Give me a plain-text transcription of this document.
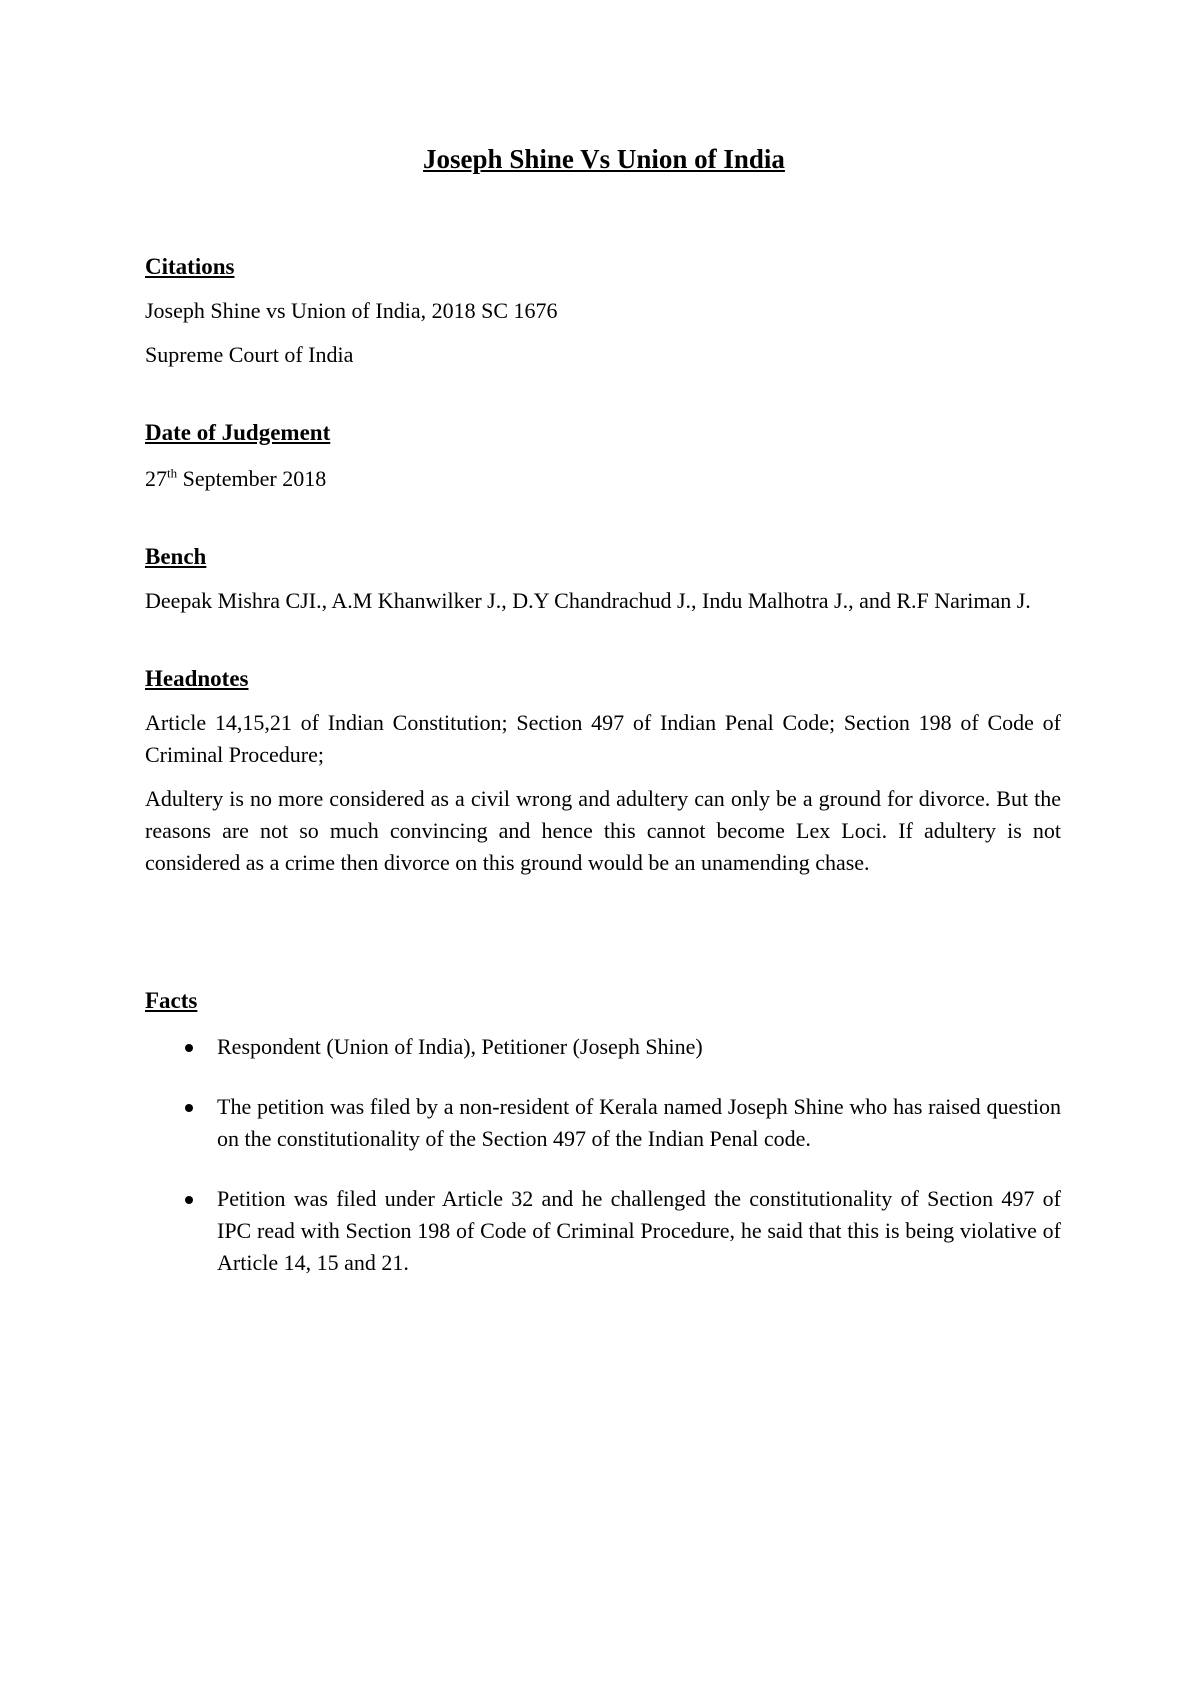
Joseph Shine Vs Union of India
Citations

Joseph Shine vs Union of India, 2018 SC 1676

Supreme Court of India

Date of Judgement

27th September 2018

Bench

Deepak Mishra CJI., A.M Khanwilker J., D.Y Chandrachud J., Indu Malhotra J., and R.F Nariman J.

Headnotes

Article 14,15,21 of Indian Constitution; Section 497 of Indian Penal Code; Section 198 of Code of Criminal Procedure;

Adultery is no more considered as a civil wrong and adultery can only be a ground for divorce. But the reasons are not so much convincing and hence this cannot become Lex Loci. If adultery is not considered as a crime then divorce on this ground would be an unamending chase.

Facts
Respondent (Union of India), Petitioner (Joseph Shine)
The petition was filed by a non-resident of Kerala named Joseph Shine who has raised question on the constitutionality of the Section 497 of the Indian Penal code.
Petition was filed under Article 32 and he challenged the constitutionality of Section 497 of IPC read with Section 198 of Code of Criminal Procedure, he said that this is being violative of Article 14, 15 and 21.
